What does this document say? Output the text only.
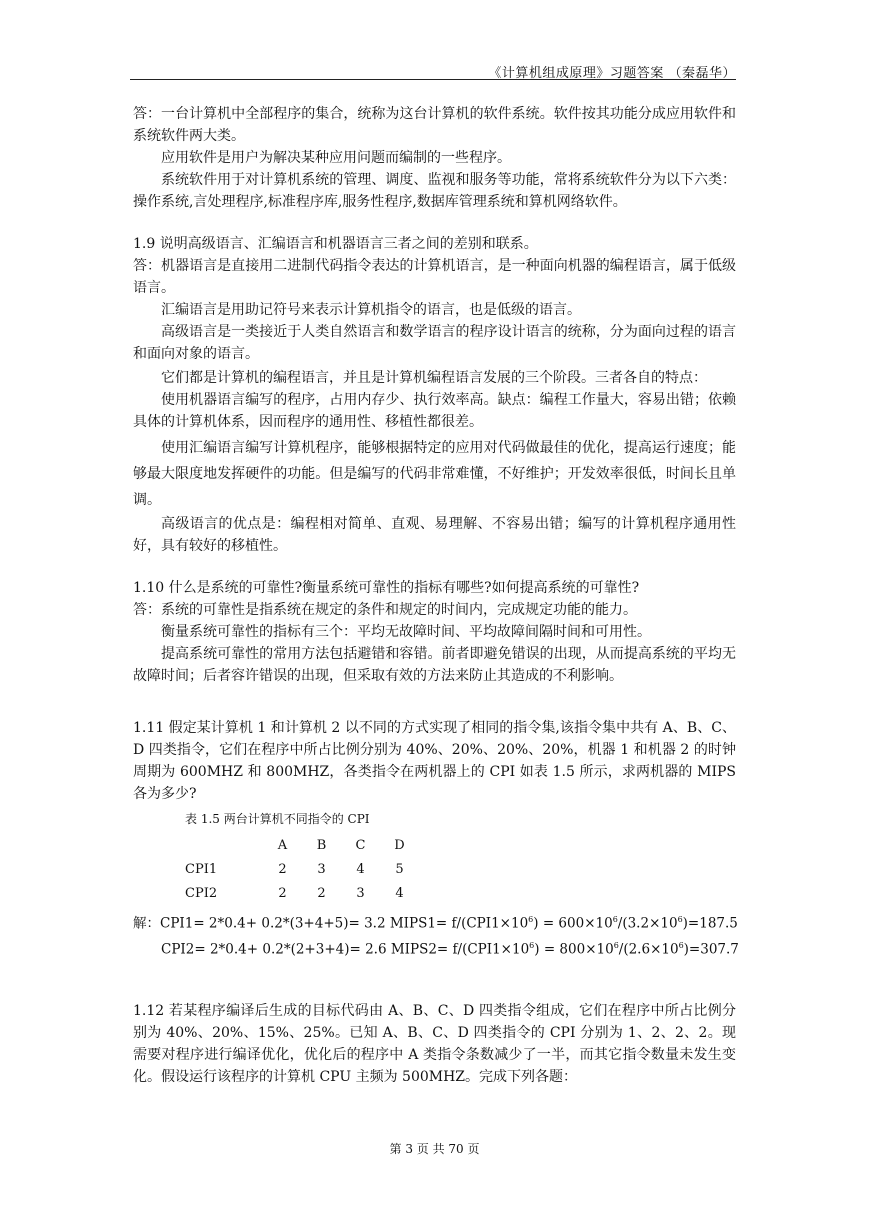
《计算机组成原理》习题答案 （秦磊华）

答：一台计算机中全部程序的集合，统称为这台计算机的软件系统。软件按其功能分成应用软件和系统软件两大类。

应用软件是用户为解决某种应用问题而编制的一些程序。

系统软件用于对计算机系统的管理、调度、监视和服务等功能，常将系统软件分为以下六类：操作系统,言处理程序,标准程序库,服务性程序,数据库管理系统和算机网络软件。

1.9 说明高级语言、汇编语言和机器语言三者之间的差别和联系。

答：机器语言是直接用二进制代码指令表达的计算机语言，是一种面向机器的编程语言，属于低级语言。

汇编语言是用助记符号来表示计算机指令的语言，也是低级的语言。

高级语言是一类接近于人类自然语言和数学语言的程序设计语言的统称，分为面向过程的语言和面向对象的语言。

它们都是计算机的编程语言，并且是计算机编程语言发展的三个阶段。三者各自的特点：

使用机器语言编写的程序，占用内存少、执行效率高。缺点：编程工作量大，容易出错；依赖具体的计算机体系，因而程序的通用性、移植性都很差。

使用汇编语言编写计算机程序，能够根据特定的应用对代码做最佳的优化，提高运行速度；能够最大限度地发挥硬件的功能。但是编写的代码非常难懂，不好维护；开发效率很低，时间长且单调。

高级语言的优点是：编程相对简单、直观、易理解、不容易出错；编写的计算机程序通用性好，具有较好的移植性。

1.10 什么是系统的可靠性?衡量系统可靠性的指标有哪些?如何提高系统的可靠性?

答：系统的可靠性是指系统在规定的条件和规定的时间内，完成规定功能的能力。

衡量系统可靠性的指标有三个：平均无故障时间、平均故障间隔时间和可用性。

提高系统可靠性的常用方法包括避错和容错。前者即避免错误的出现，从而提高系统的平均无故障时间；后者容许错误的出现，但采取有效的方法来防止其造成的不利影响。

1.11 假定某计算机 1 和计算机 2 以不同的方式实现了相同的指令集,该指令集中共有 A、B、C、D 四类指令，它们在程序中所占比例分别为 40%、20%、20%、20%，机器 1 和机器 2 的时钟周期为 600MHZ 和 800MHZ，各类指令在两机器上的 CPI 如表 1.5 所示，求两机器的 MIPS 各为多少?

表 1.5 两台计算机不同指令的 CPI
	A	B	C	D
CPI1	2	3	4	5
CPI2	2	2	3	4

解：CPI1= 2*0.4+ 0.2*(3+4+5)= 3.2 MIPS1= $f/(CPI1\times 10^6) = 600\times 10^6/(3.2\times 10^6)=187.5$

CPI2= 2*0.4+ 0.2*(2+3+4)= 2.6 MIPS2= $f/(CPI1\times 10^6) = 800\times 10^6/(2.6\times 10^6)=307.7$

1.12 若某程序编译后生成的目标代码由 A、B、C、D 四类指令组成，它们在程序中所占比例分别为 40%、20%、15%、25%。已知 A、B、C、D 四类指令的 CPI 分别为 1、2、2、2。现需要对程序进行编译优化，优化后的程序中 A 类指令条数减少了一半，而其它指令数量未发生变化。假设运行该程序的计算机 CPU 主频为 500MHZ。完成下列各题：

第 3 页 共 70 页
